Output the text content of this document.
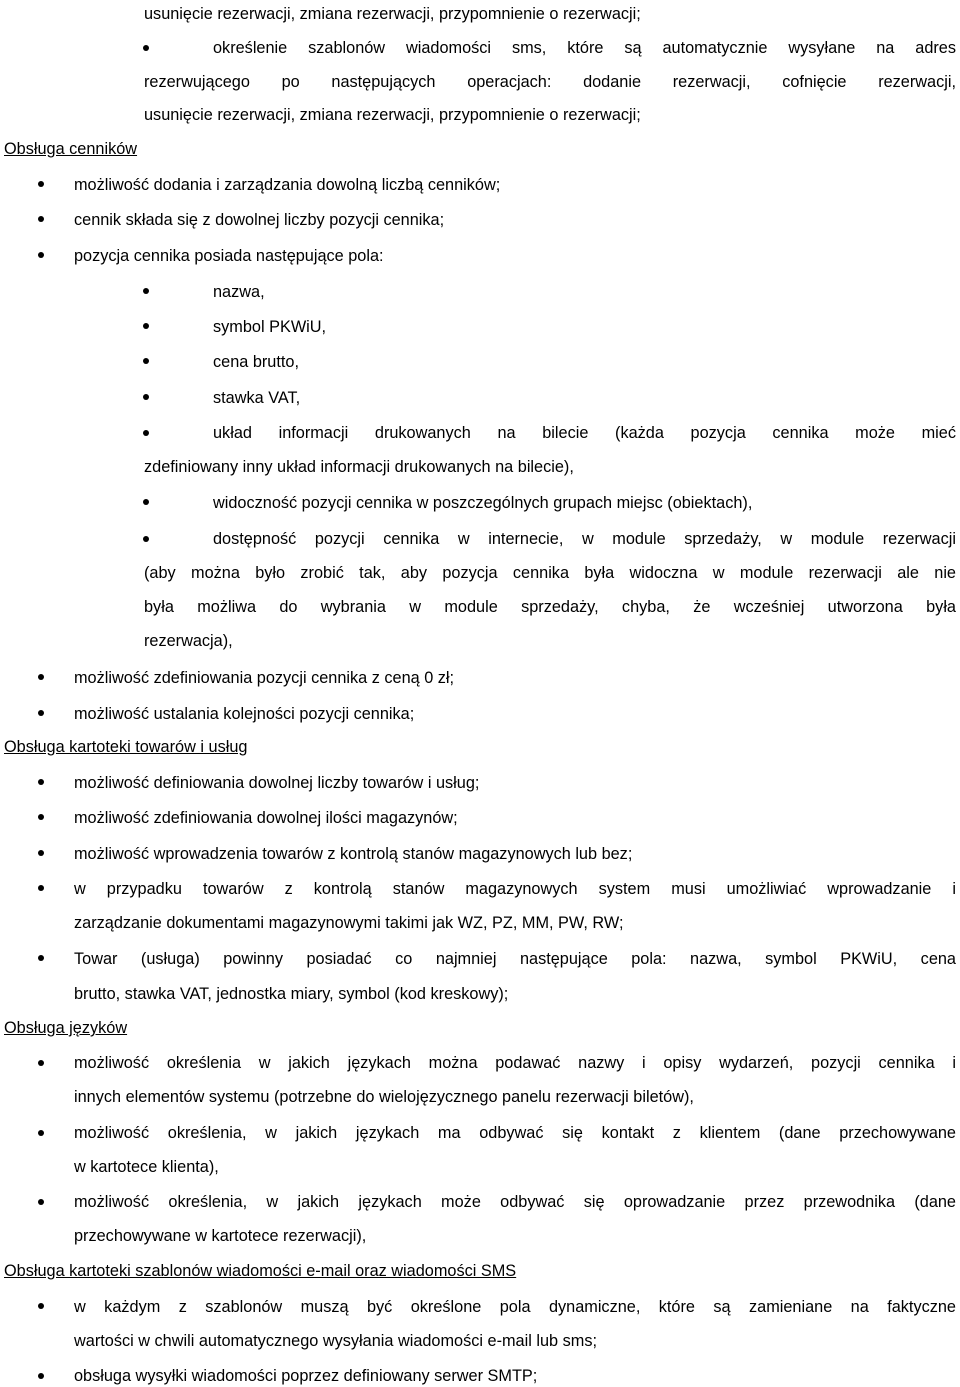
usunięcie rezerwacji, zmiana rezerwacji, przypomnienie o rezerwacji;
określenie szablonów wiadomości sms, które są automatycznie wysyłane na adres
rezerwującego po następujących operacjach: dodanie rezerwacji, cofnięcie rezerwacji,
usunięcie rezerwacji, zmiana rezerwacji, przypomnienie o rezerwacji;
Obsługa cenników
możliwość dodania i zarządzania dowolną liczbą cenników;
cennik składa się z dowolnej liczby pozycji cennika;
pozycja cennika posiada następujące pola:
nazwa,
symbol PKWiU,
cena brutto,
stawka VAT,
układ informacji drukowanych na bilecie (każda pozycja cennika może mieć
zdefiniowany inny układ informacji drukowanych na bilecie),
widoczność pozycji cennika w poszczególnych grupach miejsc (obiektach),
dostępność pozycji cennika w internecie, w module sprzedaży, w module rezerwacji
(aby można było zrobić tak, aby pozycja cennika była widoczna w module rezerwacji ale nie
była możliwa do wybrania w module sprzedaży, chyba, że wcześniej utworzona była
rezerwacja),
możliwość zdefiniowania pozycji cennika z ceną 0 zł;
możliwość ustalania kolejności pozycji cennika;
Obsługa kartoteki towarów i usług
możliwość definiowania dowolnej liczby towarów i usług;
możliwość zdefiniowania dowolnej ilości magazynów;
możliwość wprowadzenia towarów z kontrolą stanów magazynowych lub bez;
w przypadku towarów z kontrolą stanów magazynowych system musi umożliwiać wprowadzanie i
zarządzanie dokumentami magazynowymi takimi jak WZ, PZ, MM, PW, RW;
Towar (usługa) powinny posiadać co najmniej następujące pola: nazwa, symbol PKWiU, cena
brutto, stawka VAT, jednostka miary, symbol (kod kreskowy);
Obsługa języków
możliwość określenia w jakich językach można podawać nazwy i opisy wydarzeń, pozycji cennika i
innych elementów systemu (potrzebne do wielojęzycznego panelu rezerwacji biletów),
możliwość określenia, w jakich językach ma odbywać się kontakt z klientem (dane przechowywane
w kartotece klienta),
możliwość określenia, w jakich językach może odbywać się oprowadzanie przez przewodnika (dane
przechowywane w kartotece rezerwacji),
Obsługa kartoteki szablonów wiadomości e-mail oraz wiadomości SMS
w każdym z szablonów muszą być określone pola dynamiczne, które są zamieniane na faktyczne
wartości w chwili automatycznego wysyłania wiadomości e-mail lub sms;
obsługa wysyłki wiadomości poprzez definiowany serwer SMTP;
